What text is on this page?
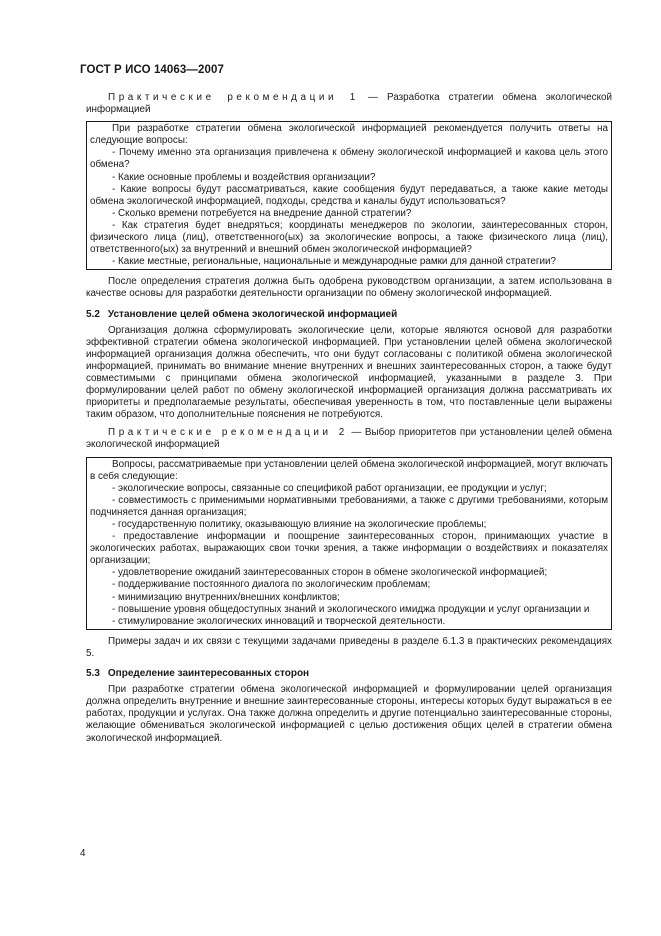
ГОСТ Р ИСО 14063—2007

Практические рекомендации 1 — Разработка стратегии обмена экологической информацией

При разработке стратегии обмена экологической информацией рекомендуется получить ответы на следующие вопросы:

- Почему именно эта организация привлечена к обмену экологической информацией и какова цель этого обмена?

- Какие основные проблемы и воздействия организации?

- Какие вопросы будут рассматриваться, какие сообщения будут передаваться, а также какие методы обмена экологической информацией, подходы, средства и каналы будут использоваться?

- Сколько времени потребуется на внедрение данной стратегии?

- Как стратегия будет внедряться; координаты менеджеров по экологии, заинтересованных сторон, физического лица (лиц), ответственного(ых) за экологические вопросы, а также физического лица (лиц), ответственного(ых) за внутренний и внешний обмен экологической информацией?

- Какие местные, региональные, национальные и международные рамки для данной стратегии?

После определения стратегия должна быть одобрена руководством организации, а затем использована в качестве основы для разработки деятельности организации по обмену экологической информацией.

5.2 Установление целей обмена экологической информацией

Организация должна сформулировать экологические цели, которые являются основой для разработки эффективной стратегии обмена экологической информацией. При установлении целей обмена экологической информацией организация должна обеспечить, что они будут согласованы с политикой обмена экологической информацией, принимать во внимание мнение внутренних и внешних заинтересованных сторон, а также будут совместимыми с принципами обмена экологической информацией, указанными в разделе 3. При формулировании целей работ по обмену экологической информацией организация должна рассматривать их приоритеты и предполагаемые результаты, обеспечивая уверенность в том, что поставленные цели выражены таким образом, что дополнительные пояснения не потребуются.

Практические рекомендации 2 — Выбор приоритетов при установлении целей обмена экологической информацией

Вопросы, рассматриваемые при установлении целей обмена экологической информацией, могут включать в себя следующие:

- экологические вопросы, связанные со спецификой работ организации, ее продукции и услуг;

- совместимость с применимыми нормативными требованиями, а также с другими требованиями, которым подчиняется данная организация;

- государственную политику, оказывающую влияние на экологические проблемы;

- предоставление информации и поощрение заинтересованных сторон, принимающих участие в экологических работах, выражающих свои точки зрения, а также информации о воздействиях и показателях организации;

- удовлетворение ожиданий заинтересованных сторон в обмене экологической информацией;

- поддерживание постоянного диалога по экологическим проблемам;

- минимизацию внутренних/внешних конфликтов;

- повышение уровня общедоступных знаний и экологического имиджа продукции и услуг организации и

- стимулирование экологических инноваций и творческой деятельности.

Примеры задач и их связи с текущими задачами приведены в разделе 6.1.3 в практических рекомендациях 5.

5.3 Определение заинтересованных сторон

При разработке стратегии обмена экологической информацией и формулировании целей организация должна определить внутренние и внешние заинтересованные стороны, интересы которых будут выражаться в ее работах, продукции и услугах. Она также должна определить и другие потенциально заинтересованные стороны, желающие обмениваться экологической информацией с целью достижения общих целей в стратегии обмена экологической информацией.

4
